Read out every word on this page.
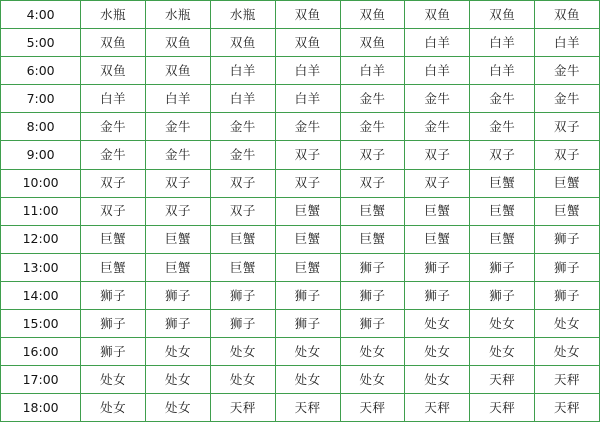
4:00	水瓶	水瓶	水瓶	双鱼	双鱼	双鱼	双鱼	双鱼
5:00	双鱼	双鱼	双鱼	双鱼	双鱼	白羊	白羊	白羊
6:00	双鱼	双鱼	白羊	白羊	白羊	白羊	白羊	金牛
7:00	白羊	白羊	白羊	白羊	金牛	金牛	金牛	金牛
8:00	金牛	金牛	金牛	金牛	金牛	金牛	金牛	双子
9:00	金牛	金牛	金牛	双子	双子	双子	双子	双子
10:00	双子	双子	双子	双子	双子	双子	巨蟹	巨蟹
11:00	双子	双子	双子	巨蟹	巨蟹	巨蟹	巨蟹	巨蟹
12:00	巨蟹	巨蟹	巨蟹	巨蟹	巨蟹	巨蟹	巨蟹	狮子
13:00	巨蟹	巨蟹	巨蟹	巨蟹	狮子	狮子	狮子	狮子
14:00	狮子	狮子	狮子	狮子	狮子	狮子	狮子	狮子
15:00	狮子	狮子	狮子	狮子	狮子	处女	处女	处女
16:00	狮子	处女	处女	处女	处女	处女	处女	处女
17:00	处女	处女	处女	处女	处女	处女	天秤	天秤
18:00	处女	处女	天秤	天秤	天秤	天秤	天秤	天秤
